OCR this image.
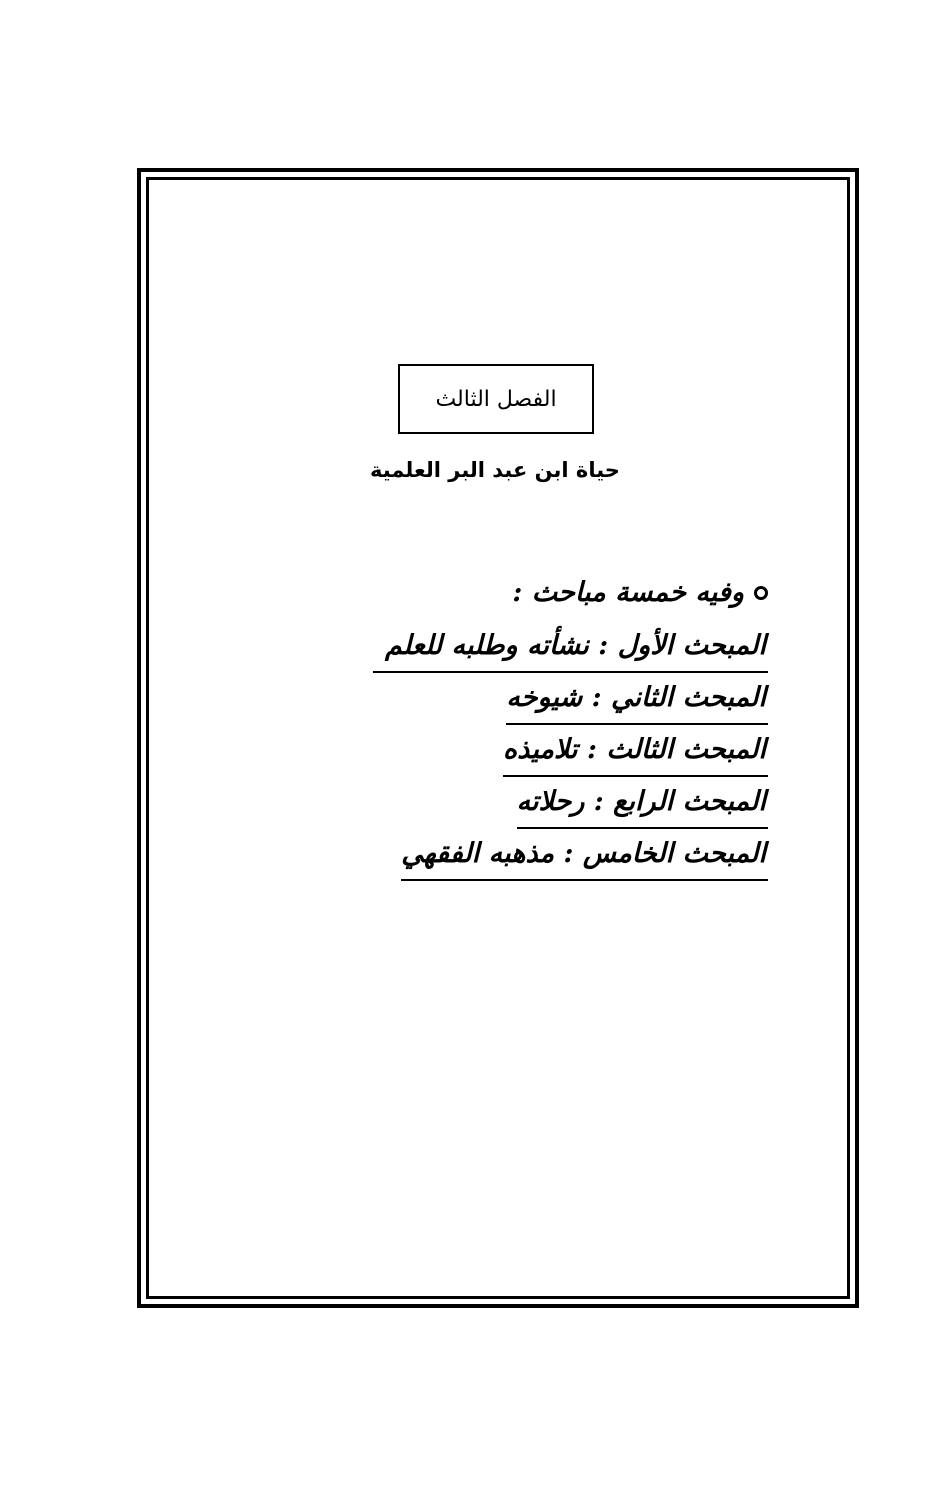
الفصل الثالث
حياة ابن عبد البر العلمية
وفيه خمسة مباحث :
المبحث الأول : نشأته وطلبه للعلم
المبحث الثاني : شيوخه
المبحث الثالث : تلاميذه
المبحث الرابع : رحلاته
المبحث الخامس : مذهبه الفقهي
